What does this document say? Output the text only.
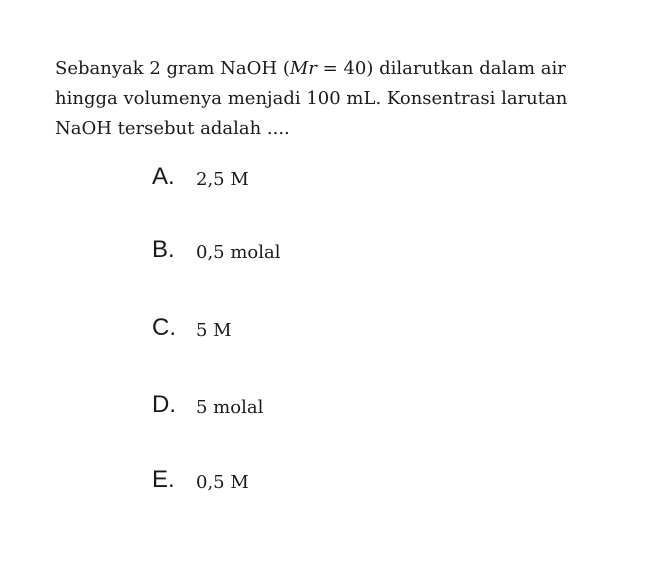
Sebanyak 2 gram NaOH (Mr = 40) dilarutkan dalam air
hingga volumenya menjadi 100 mL. Konsentrasi larutan
NaOH tersebut adalah ....
A.	2,5 M
B.	0,5 molal
C.	5 M
D.	5 molal
E.	0,5 M
